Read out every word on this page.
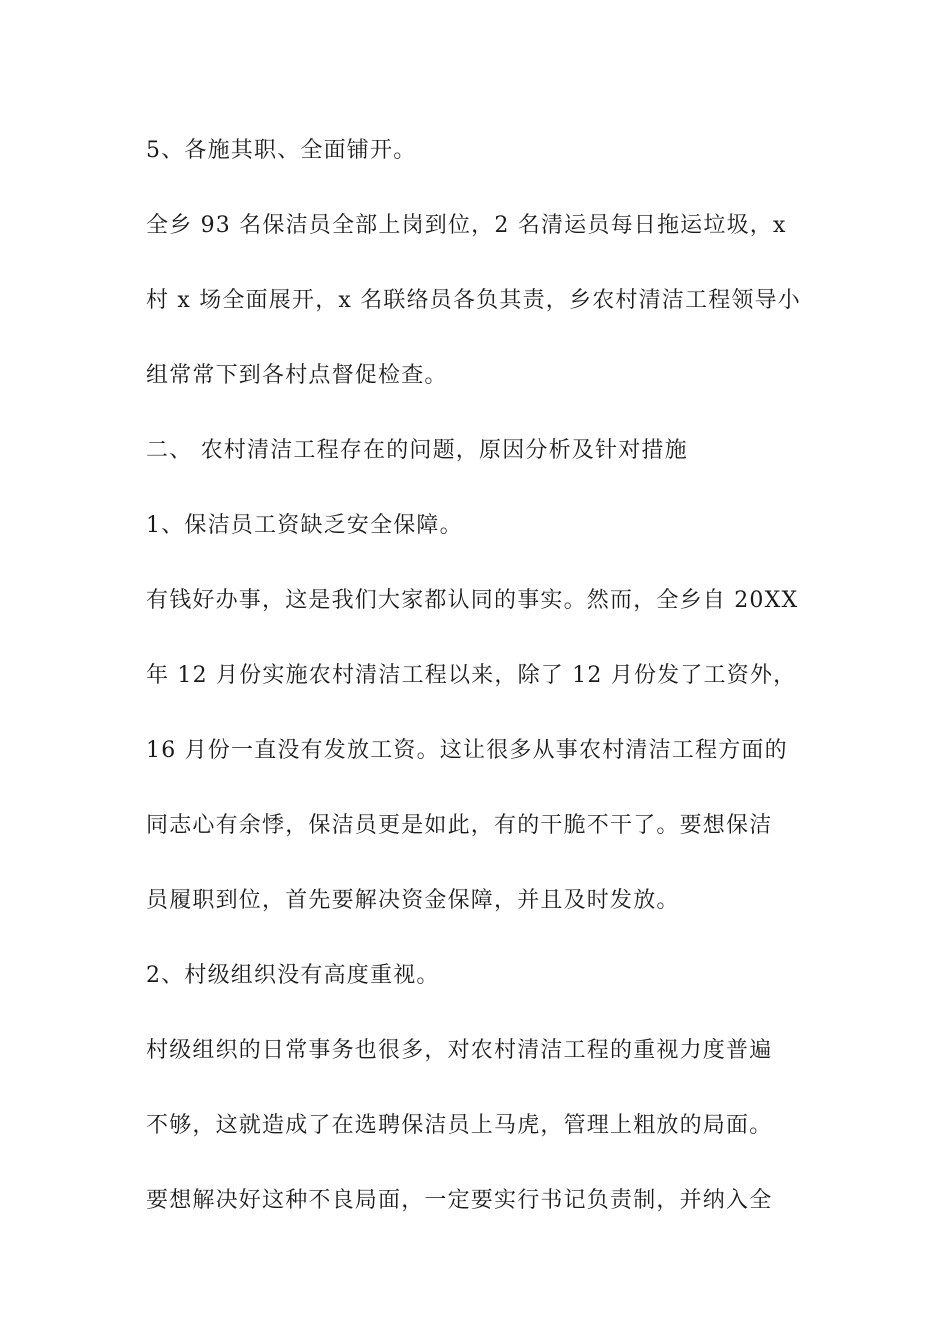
5、各施其职、全面铺开。
全乡 93 名保洁员全部上岗到位，2 名清运员每日拖运垃圾，x
村 x 场全面展开，x 名联络员各负其责，乡农村清洁工程领导小
组常常下到各村点督促检查。
二、 农村清洁工程存在的问题，原因分析及针对措施
1、保洁员工资缺乏安全保障。
有钱好办事，这是我们大家都认同的事实。然而，全乡自 20XX
年 12 月份实施农村清洁工程以来，除了 12 月份发了工资外，
16 月份一直没有发放工资。这让很多从事农村清洁工程方面的
同志心有余悸，保洁员更是如此，有的干脆不干了。要想保洁
员履职到位，首先要解决资金保障，并且及时发放。
2、村级组织没有高度重视。
村级组织的日常事务也很多，对农村清洁工程的重视力度普遍
不够，这就造成了在选聘保洁员上马虎，管理上粗放的局面。
要想解决好这种不良局面，一定要实行书记负责制，并纳入全
